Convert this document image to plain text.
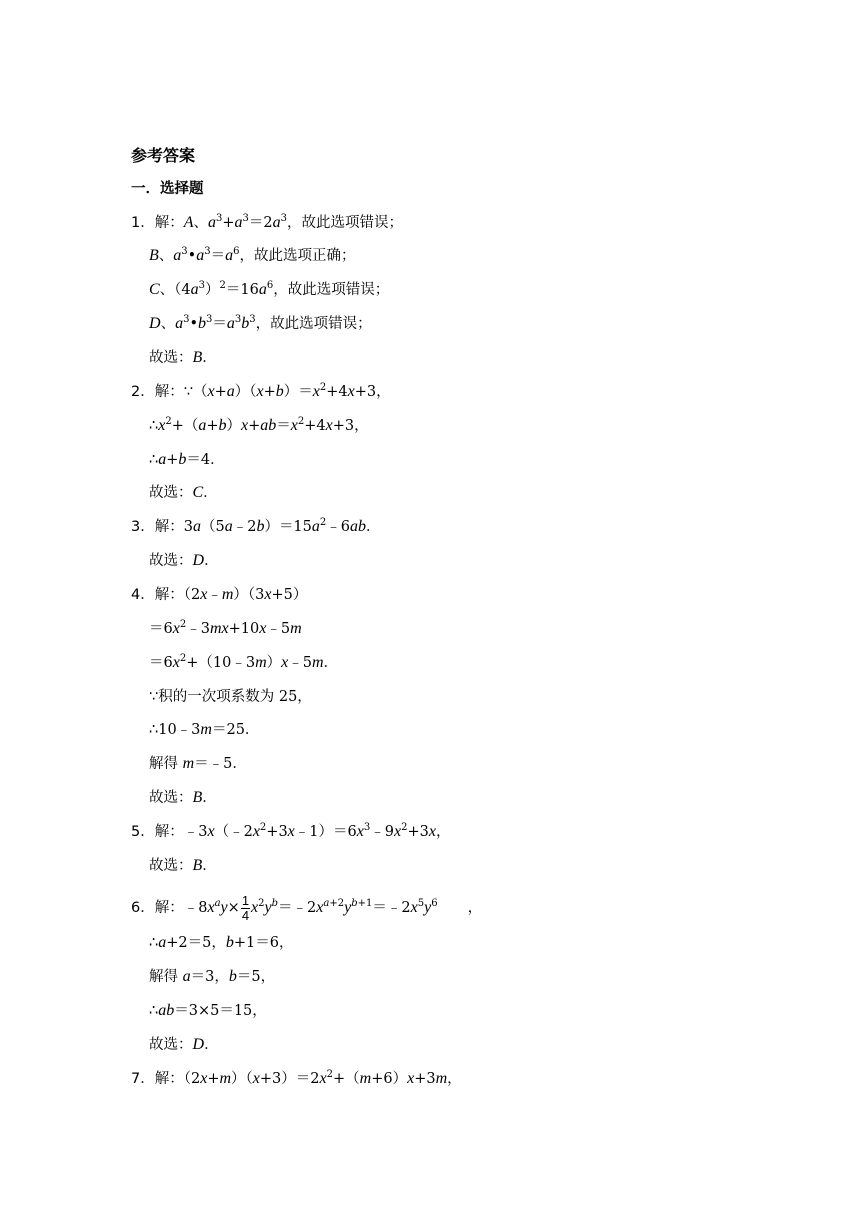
参考答案
一．选择题
1．解：A、$a^3+a^3=2a^3$，故此选项错误；
B、$a^3•a^3=a^6$，故此选项正确；
C、$(4a^3)^2=16a^6$，故此选项错误；
D、$a^3•b^3=a^3b^3$，故此选项错误；
故选：B．
2．解：$\because(x+a)(x+b)=x^2+4x+3$，
$\therefore x^2+(a+b)x+ab=x^2+4x+3$，
∴a+b＝4．
故选：C．
3．解：$3a(5a﹣2b)=15a^2﹣6ab$．
故选：D．
4．解：（2x﹣m）（3x+5）
$=6x^2﹣3mx+10x﹣5m$
$=6x^2+(10﹣3m)x﹣5m$．
∵积的一次项系数为 25，
∴10﹣3m＝25．
解得 m＝﹣5．
故选：B．
5．解：$﹣3x(﹣2x^2+3x﹣1)=6x^3﹣9x^2+3x$，
故选：B．
6．解：$﹣8x^ay\times \frac{1}{4}$ $x^2y^b=﹣2x^{a+2}y^{b+1}=﹣2x^5y^6$ ，
∴a+2＝5，b+1＝6，
解得 a＝3，b＝5，
∴ab＝3×5＝15，
故选：D．
7．解：$(2x+m)(x+3)=2x^2+(m+6)x+3m$，
